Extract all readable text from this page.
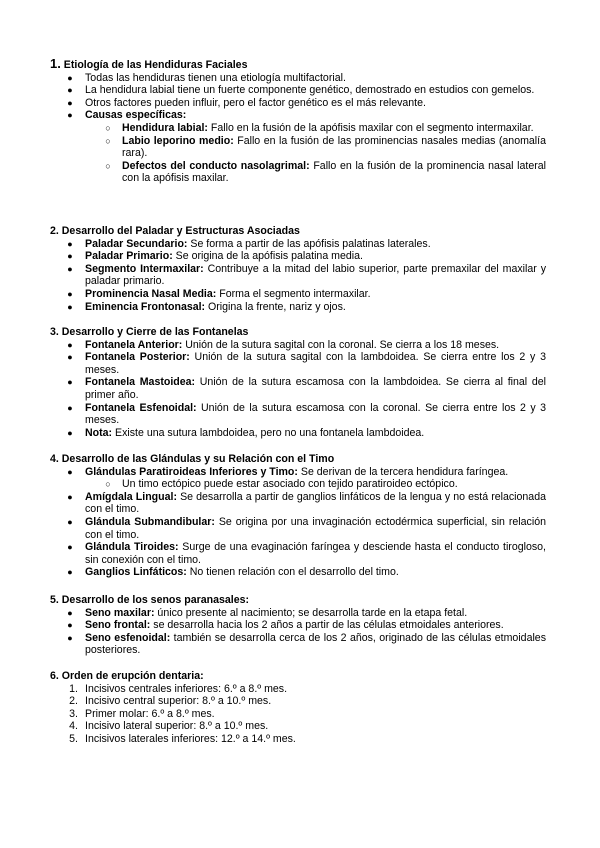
1. Etiología de las Hendiduras Faciales

●	Todas las hendiduras tienen una etiología multifactorial.
●	La hendidura labial tiene un fuerte componente genético, demostrado en estudios con gemelos.
●	Otros factores pueden influir, pero el factor genético es el más relevante.
●	Causas específicas:
○	Hendidura labial: Fallo en la fusión de la apófisis maxilar con el segmento intermaxilar.
○	Labio leporino medio: Fallo en la fusión de las prominencias nasales medias (anomalía rara).
○	Defectos del conducto nasolagrimal: Fallo en la fusión de la prominencia nasal lateral con la apófisis maxilar.

2. Desarrollo del Paladar y Estructuras Asociadas

●	Paladar Secundario: Se forma a partir de las apófisis palatinas laterales.
●	Paladar Primario: Se origina de la apófisis palatina media.
●	Segmento Intermaxilar: Contribuye a la mitad del labio superior, parte premaxilar del maxilar y paladar primario.
●	Prominencia Nasal Media: Forma el segmento intermaxilar.
●	Eminencia Frontonasal: Origina la frente, nariz y ojos.

3. Desarrollo y Cierre de las Fontanelas

●	Fontanela Anterior: Unión de la sutura sagital con la coronal. Se cierra a los 18 meses.
●	Fontanela Posterior: Unión de la sutura sagital con la lambdoidea. Se cierra entre los 2 y 3 meses.
●	Fontanela Mastoidea: Unión de la sutura escamosa con la lambdoidea. Se cierra al final del primer año.
●	Fontanela Esfenoidal: Unión de la sutura escamosa con la coronal. Se cierra entre los 2 y 3 meses.
●	Nota: Existe una sutura lambdoidea, pero no una fontanela lambdoidea.

4. Desarrollo de las Glándulas y su Relación con el Timo

●	Glándulas Paratiroideas Inferiores y Timo: Se derivan de la tercera hendidura faríngea.
○	Un timo ectópico puede estar asociado con tejido paratiroideo ectópico.
●	Amígdala Lingual: Se desarrolla a partir de ganglios linfáticos de la lengua y no está relacionada con el timo.
●	Glándula Submandibular: Se origina por una invaginación ectodérmica superficial, sin relación con el timo.
●	Glándula Tiroides: Surge de una evaginación faríngea y desciende hasta el conducto tirogloso, sin conexión con el timo.
●	Ganglios Linfáticos: No tienen relación con el desarrollo del timo.

5. Desarrollo de los senos paranasales:

●	Seno maxilar: único presente al nacimiento; se desarrolla tarde en la etapa fetal.
●	Seno frontal: se desarrolla hacia los 2 años a partir de las células etmoidales anteriores.
●	Seno esfenoidal: también se desarrolla cerca de los 2 años, originado de las células etmoidales posteriores.

6. Orden de erupción dentaria:

1. Incisivos centrales inferiores: 6.º a 8.º mes.
2. Incisivo central superior: 8.º a 10.º mes.
3. Primer molar: 6.º a 8.º mes.
4. Incisivo lateral superior: 8.º a 10.º mes.
5. Incisivos laterales inferiores: 12.º a 14.º mes.
